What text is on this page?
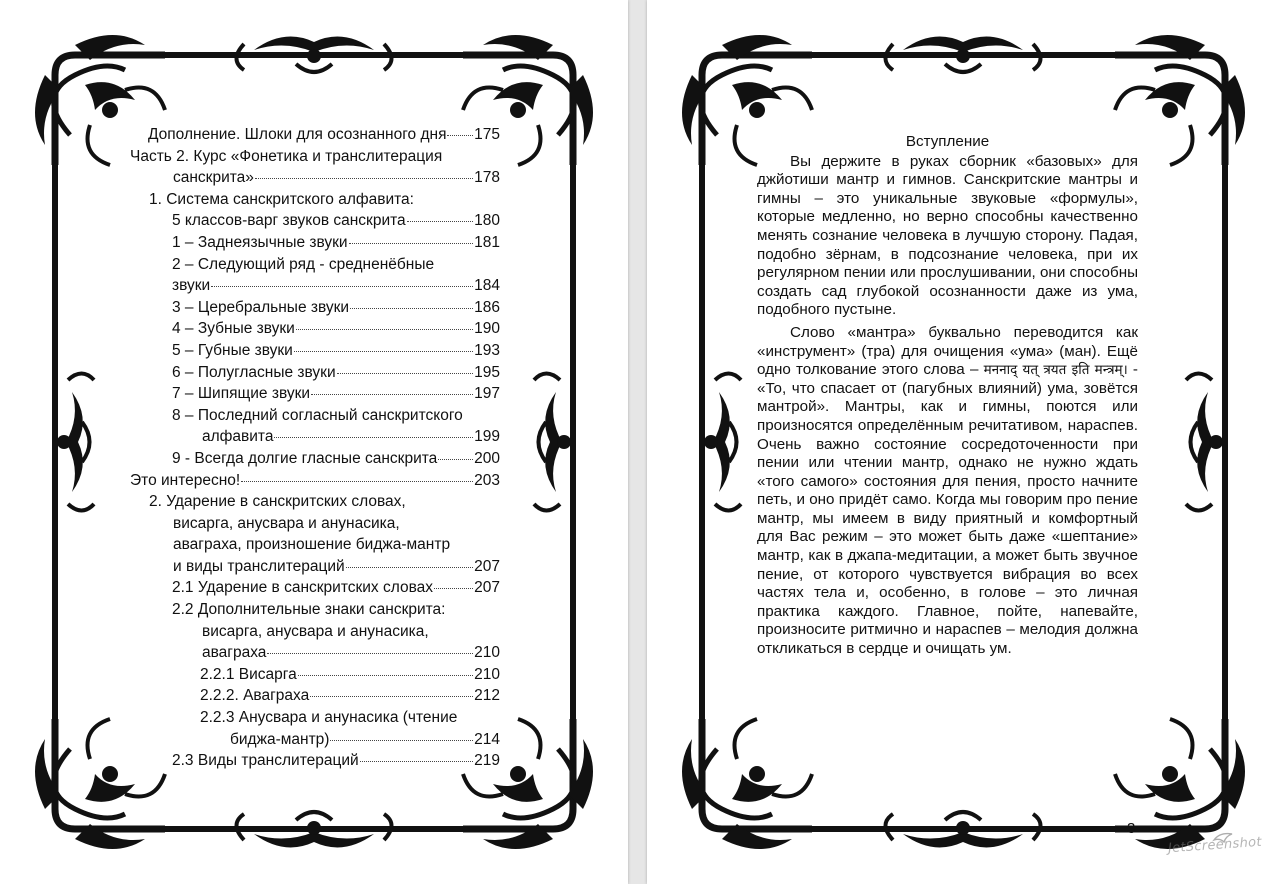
Дополнение. Шлоки для осознанного дня 175
Часть 2. Курс «Фонетика и транслитерация
санскрита»	178
1. Система санскритского алфавита:
5 классов-варг звуков санскрита	180
1 – Заднеязычные звуки	181
2 – Следующий ряд - средненёбные
звуки	184
3 – Церебральные звуки	186
4 – Зубные звуки	190
5 – Губные звуки	193
6 – Полугласные звуки	195
7 – Шипящие звуки	197
8 – Последний согласный санскритского
алфавита	199
9 - Всегда долгие гласные санскрита 200
Это интересно!	203
2. Ударение в санскритских словах,
висарга, анусвара и анунасика,
аваграха, произношение биджа-мантр
и виды транслитераций	207
2.1 Ударение в санскритских словах	207
2.2 Дополнительные знаки санскрита:
висарга, анусвара и анунасика,
аваграха	210
2.2.1 Висарга	210
2.2.2. Аваграха	212
2.2.3 Анусвара и анунасика (чтение
биджа-мантр)	214
2.3 Виды транслитераций	219
Вступление

Вы держите в руках сборник «базовых» для джйотиши мантр и гимнов. Санскритские мантры и гимны – это уникальные звуковые «формулы», которые медленно, но верно способны качественно менять сознание человека в лучшую сторону. Падая, подобно зёрнам, в подсознание человека, при их регулярном пении или прослушивании, они способны создать сад глубокой осознанности даже из ума, подобного пустыне.

Слово «мантра» буквально переводится как «инструмент» (тра) для очищения «ума» (ман). Ещё одно толкование этого слова – मननाद् यत् त्रयत इति मन्त्रम्। - «То, что спасает от (пагубных влияний) ума, зовётся мантрой». Мантры, как и гимны, поются или произносятся определённым речитативом, нараспев. Очень важно состояние сосредоточенности при пении или чтении мантр, однако не нужно ждать «того самого» состояния для пения, просто начните петь, и оно придёт само. Когда мы говорим про пение мантр, мы имеем в виду приятный и комфортный для Вас режим – это может быть даже «шептание» мантр, как в джапа-медитации, а может быть звучное пение, от которого чувствуется вибрация во всех частях тела и, особенно, в голове – это личная практика каждого. Главное, пойте, напевайте, произносите ритмично и нараспев – мелодия должна откликаться в сердце и очищать ум.

3
JetScreenshot
